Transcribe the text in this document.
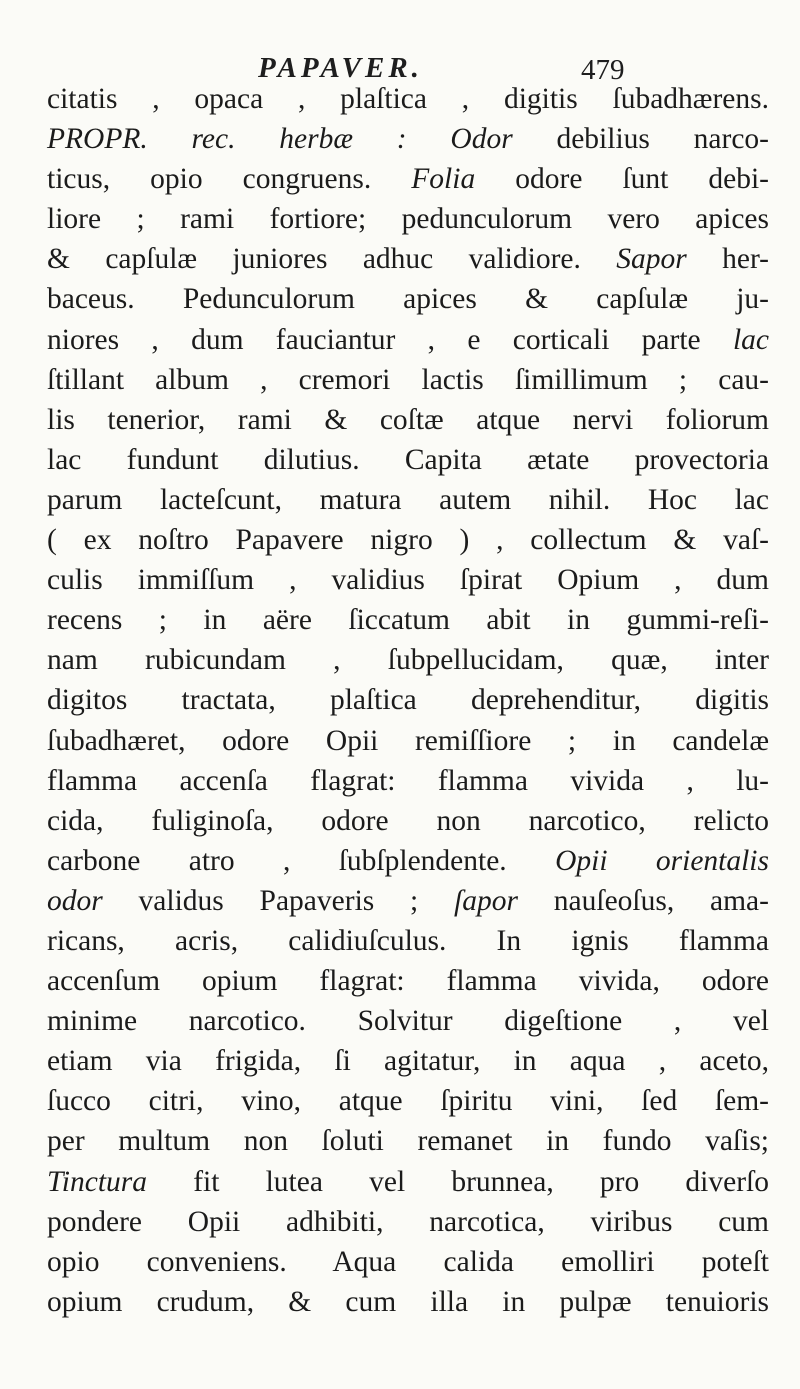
PAPAVER.	479
citatis , opaca , plaſtica , digitis ſubadhærens.
PROPR. rec. herbæ : Odor debilius narco-
ticus, opio congruens. Folia odore ſunt debi-
liore ; rami fortiore; pedunculorum vero apices
& capſulæ juniores adhuc validiore. Sapor her-
baceus. Pedunculorum apices & capſulæ ju-
niores , dum fauciantur , e corticali parte lac
ſtillant album , cremori lactis ſimillimum ; cau-
lis tenerior, rami & coſtæ atque nervi foliorum
lac fundunt dilutius. Capita ætate provectoria
parum lacteſcunt, matura autem nihil. Hoc lac
( ex noſtro Papavere nigro ) , collectum & vaſ-
culis immiſſum , validius ſpirat Opium , dum
recens ; in aëre ſiccatum abit in gummi-reſi-
nam rubicundam , ſubpellucidam, quæ, inter
digitos tractata, plaſtica deprehenditur, digitis
ſubadhæret, odore Opii remiſſiore ; in candelæ
flamma accenſa flagrat: flamma vivida , lu-
cida, fuliginoſa, odore non narcotico, relicto
carbone atro , ſubſplendente. Opii orientalis
odor validus Papaveris ; ſapor nauſeoſus, ama-
ricans, acris, calidiuſculus. In ignis flamma
accenſum opium flagrat: flamma vivida, odore
minime narcotico. Solvitur digeſtione , vel
etiam via frigida, ſi agitatur, in aqua , aceto,
ſucco citri, vino, atque ſpiritu vini, ſed ſem-
per multum non ſoluti remanet in fundo vaſis;
Tinctura fit lutea vel brunnea, pro diverſo
pondere Opii adhibiti, narcotica, viribus cum
opio conveniens. Aqua calida emolliri poteſt
opium crudum, & cum illa in pulpæ tenuioris
